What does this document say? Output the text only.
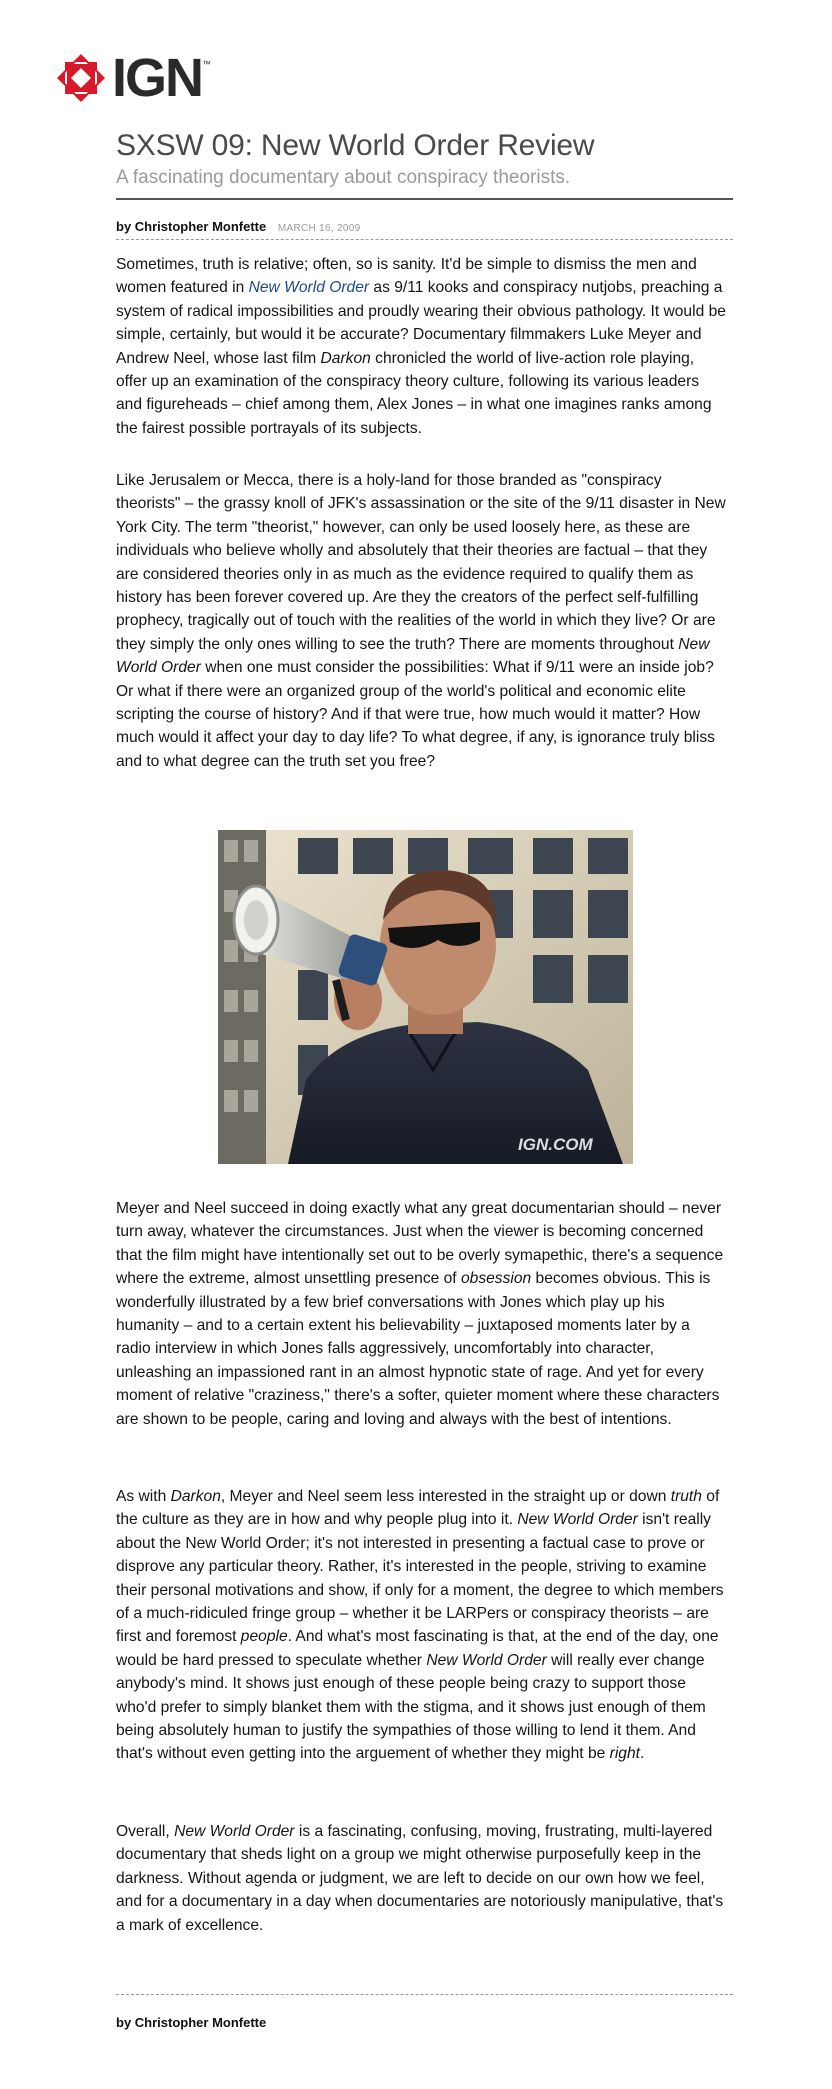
IGN ™
SXSW 09: New World Order Review
A fascinating documentary about conspiracy theorists.
by Christopher Monfette MARCH 16, 2009

Sometimes, truth is relative; often, so is sanity. It'd be simple to dismiss the men and women featured in New World Order as 9/11 kooks and conspiracy nutjobs, preaching a system of radical impossibilities and proudly wearing their obvious pathology. It would be simple, certainly, but would it be accurate? Documentary filmmakers Luke Meyer and Andrew Neel, whose last film Darkon chronicled the world of live-action role playing, offer up an examination of the conspiracy theory culture, following its various leaders and figureheads – chief among them, Alex Jones – in what one imagines ranks among the fairest possible portrayals of its subjects.

Like Jerusalem or Mecca, there is a holy-land for those branded as "conspiracy theorists" – the grassy knoll of JFK's assassination or the site of the 9/11 disaster in New York City. The term "theorist," however, can only be used loosely here, as these are individuals who believe wholly and absolutely that their theories are factual – that they are considered theories only in as much as the evidence required to qualify them as history has been forever covered up. Are they the creators of the perfect self-fulfilling prophecy, tragically out of touch with the realities of the world in which they live? Or are they simply the only ones willing to see the truth? There are moments throughout New World Order when one must consider the possibilities: What if 9/11 were an inside job? Or what if there were an organized group of the world's political and economic elite scripting the course of history? And if that were true, how much would it matter? How much would it affect your day to day life? To what degree, if any, is ignorance truly bliss and to what degree can the truth set you free?

Meyer and Neel succeed in doing exactly what any great documentarian should – never turn away, whatever the circumstances. Just when the viewer is becoming concerned that the film might have intentionally set out to be overly symapethic, there's a sequence where the extreme, almost unsettling presence of obsession becomes obvious. This is wonderfully illustrated by a few brief conversations with Jones which play up his humanity – and to a certain extent his believability – juxtaposed moments later by a radio interview in which Jones falls aggressively, uncomfortably into character, unleashing an impassioned rant in an almost hypnotic state of rage. And yet for every moment of relative "craziness," there's a softer, quieter moment where these characters are shown to be people, caring and loving and always with the best of intentions.

As with Darkon, Meyer and Neel seem less interested in the straight up or down truth of the culture as they are in how and why people plug into it. New World Order isn't really about the New World Order; it's not interested in presenting a factual case to prove or disprove any particular theory. Rather, it's interested in the people, striving to examine their personal motivations and show, if only for a moment, the degree to which members of a much-ridiculed fringe group – whether it be LARPers or conspiracy theorists – are first and foremost people. And what's most fascinating is that, at the end of the day, one would be hard pressed to speculate whether New World Order will really ever change anybody's mind. It shows just enough of these people being crazy to support those who'd prefer to simply blanket them with the stigma, and it shows just enough of them being absolutely human to justify the sympathies of those willing to lend it them. And that's without even getting into the arguement of whether they might be right.

Overall, New World Order is a fascinating, confusing, moving, frustrating, multi-layered documentary that sheds light on a group we might otherwise purposefully keep in the darkness. Without agenda or judgment, we are left to decide on our own how we feel, and for a documentary in a day when documentaries are notoriously manipulative, that's a mark of excellence.

by Christopher Monfette
IGN.COM
